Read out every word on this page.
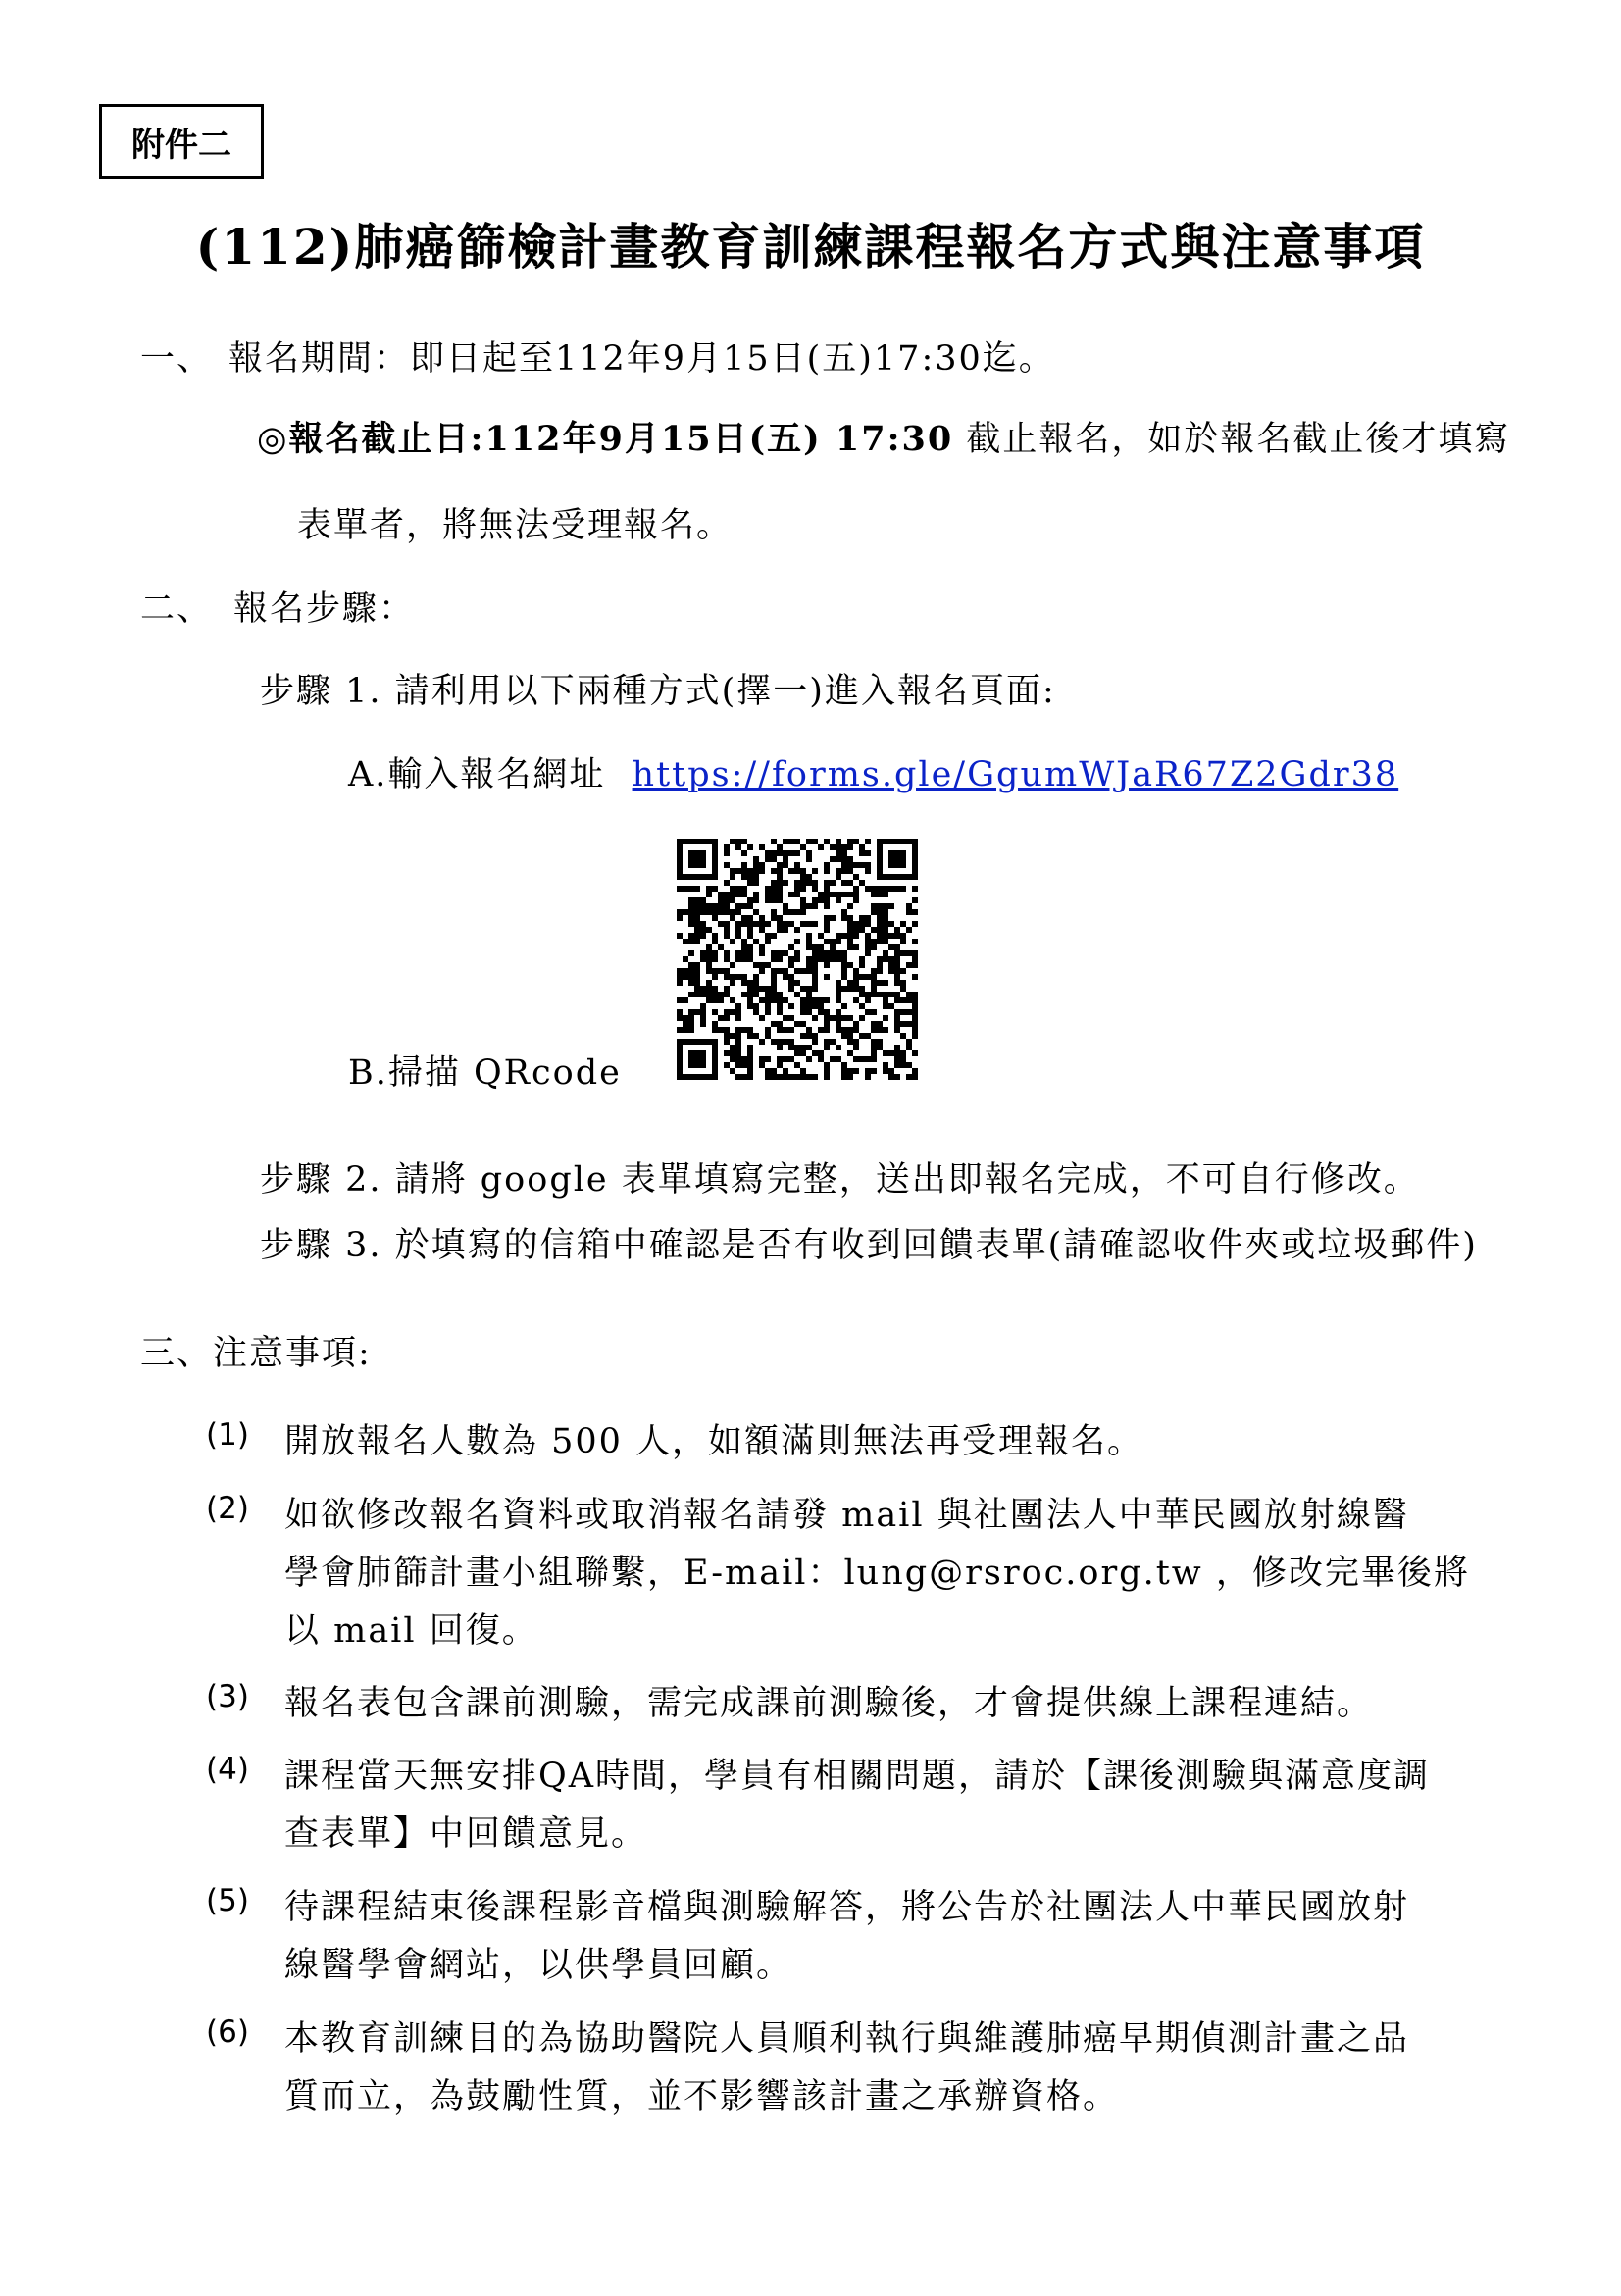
附件二
(112)肺癌篩檢計畫教育訓練課程報名方式與注意事項
一、 報名期間：即日起至112年9月15日(五)17:30迄。
◎報名截止日:112年9月15日(五) 17:30 截止報名，如於報名截止後才填寫
表單者，將無法受理報名。
二、 報名步驟：
步驟 1. 請利用以下兩種方式(擇一)進入報名頁面:
A.輸入報名網址 https://forms.gle/GgumWJaR67Z2Gdr38
B.掃描 QRcode
步驟 2. 請將 google 表單填寫完整，送出即報名完成，不可自行修改。
步驟 3. 於填寫的信箱中確認是否有收到回饋表單(請確認收件夾或垃圾郵件)
三、注意事項:
(1) 開放報名人數為 500 人，如額滿則無法再受理報名。
(2) 如欲修改報名資料或取消報名請發 mail 與社團法人中華民國放射線醫
學會肺篩計畫小組聯繫，E-mail：lung@rsroc.org.tw ，修改完畢後將
以 mail 回復。
(3) 報名表包含課前測驗，需完成課前測驗後，才會提供線上課程連結。
(4) 課程當天無安排QA時間，學員有相關問題，請於【課後測驗與滿意度調
查表單】中回饋意見。
(5) 待課程結束後課程影音檔與測驗解答，將公告於社團法人中華民國放射
線醫學會網站，以供學員回顧。
(6) 本教育訓練目的為協助醫院人員順利執行與維護肺癌早期偵測計畫之品
質而立，為鼓勵性質，並不影響該計畫之承辦資格。
